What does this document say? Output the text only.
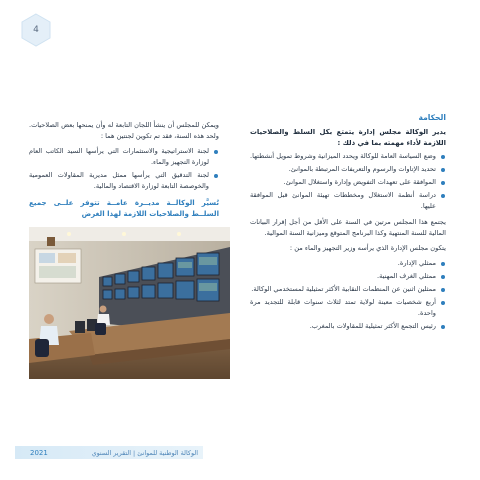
4
الحكامة
يدير الوكالة مجلس إدارة يتمتع بكل السلط والصلاحيات اللازمة لأداء مهمته بما في ذلك :
وضع السياسة العامة للوكالة ويحدد الميزانية وشروط تمويل أنشطتها.
تحديد الإتاوات والرسوم والتعريفات المرتبطة بالموانئ.
الموافقة على تعهدات التفويض وإدارة واستغلال الموانئ.
دراسة أنظمة الاستغلال ومخططات تهيئة الموانئ قبل الموافقة عليها.
يجتمع هذا المجلس مرتين في السنة على الأقل من أجل إقرار البيانات المالية للسنة المنتهية وكذا البرنامج المتوقع وميزانية السنة الموالية.
يتكون مجلس الإدارة الذي يرأسه وزير التجهيز والماء من :
ممثلي الإدارة.
ممثلي الغرف المهنية.
ممثلين اثنين عن المنظمات النقابية الأكثر تمثيلية لمستخدمي الوكالة.
أربع شخصيات معينة لولاية تمتد لثلاث سنوات قابلة للتجديد مرة واحدة.
رئيس التجمع الأكثر تمثيلية للمقاولات بالمغرب.
ويمكن للمجلس أن ينشأ اللجان التابعة له وأن يمنحها بعض الصلاحيات. ولحد هذه السنة، فقد تم تكوين لجنتين هما :
لجنة الاستراتيجية والاستثمارات التي يرأسها السيد الكاتب العام لوزارة التجهيز والماء.
لجنة التدقيق التي يرأسها ممثل مديرية المقاولات العمومية والخوصصة التابعة لوزارة الاقتصاد والمالية.
تُسيَّر الوكالــة مديــرة عامــة تتوفر علــى جميع السلــط والصلاحيات اللازمة لهذا الغرض
2021	الوكالة الوطنية للموانئ | التقرير السنوي
